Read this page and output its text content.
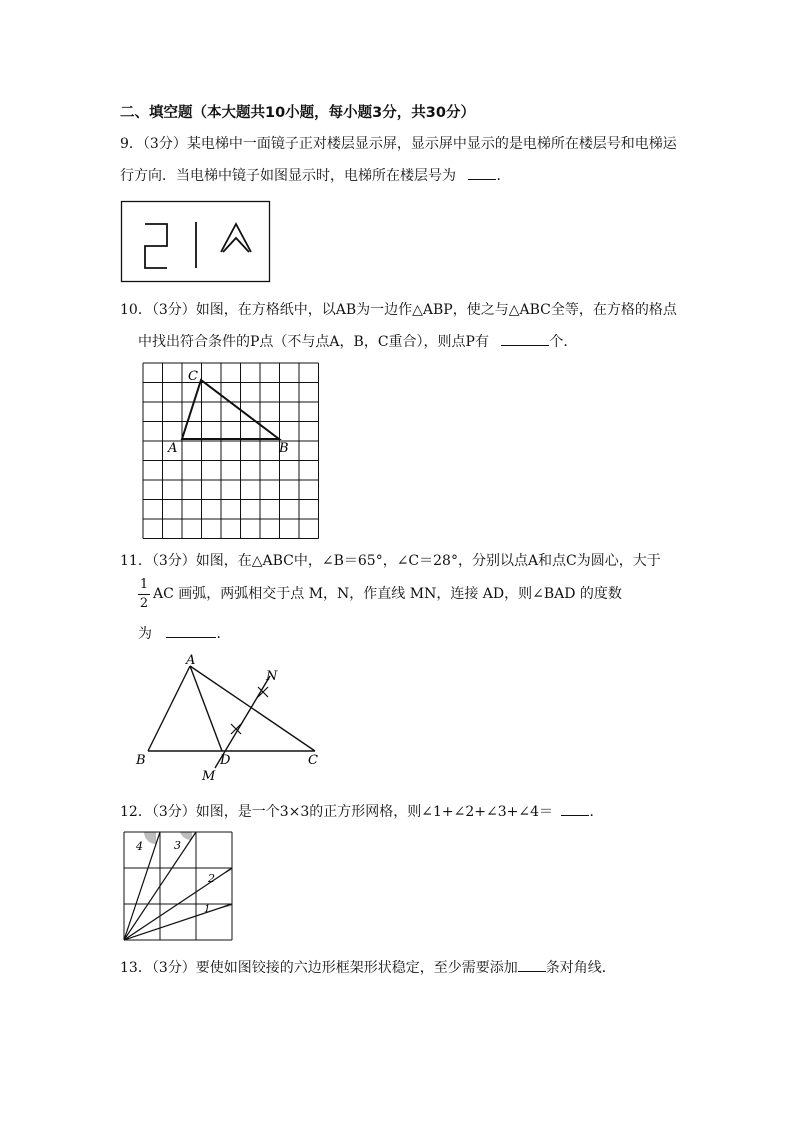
二、填空题（本大题共10小题，每小题3分，共30分）
9．（3分）某电梯中一面镜子正对楼层显示屏，显示屏中显示的是电梯所在楼层号和电梯运
行方向．当电梯中镜子如图显示时，电梯所在楼层号为	．
10．（3分）如图，在方格纸中，以AB为一边作△ABP，使之与△ABC全等，在方格的格点
中找出符合条件的P点（不与点A，B，C重合），则点P有	个．
A	B
C
11．（3分）如图，在△ABC中，∠B＝65°，∠C＝28°，分别以点A和点C为圆心，大于
1
2
AC 画弧，两弧相交于点 M，N，作直线 MN，连接 AD，则∠BAD 的度数
为	．
A
B	C
D
M
N
12．（3分）如图，是一个3×3的正方形网格，则∠1+∠2+∠3+∠4＝	．
4	3
2
1
13．（3分）要使如图铰接的六边形框架形状稳定，至少需要添加 条对角线．
